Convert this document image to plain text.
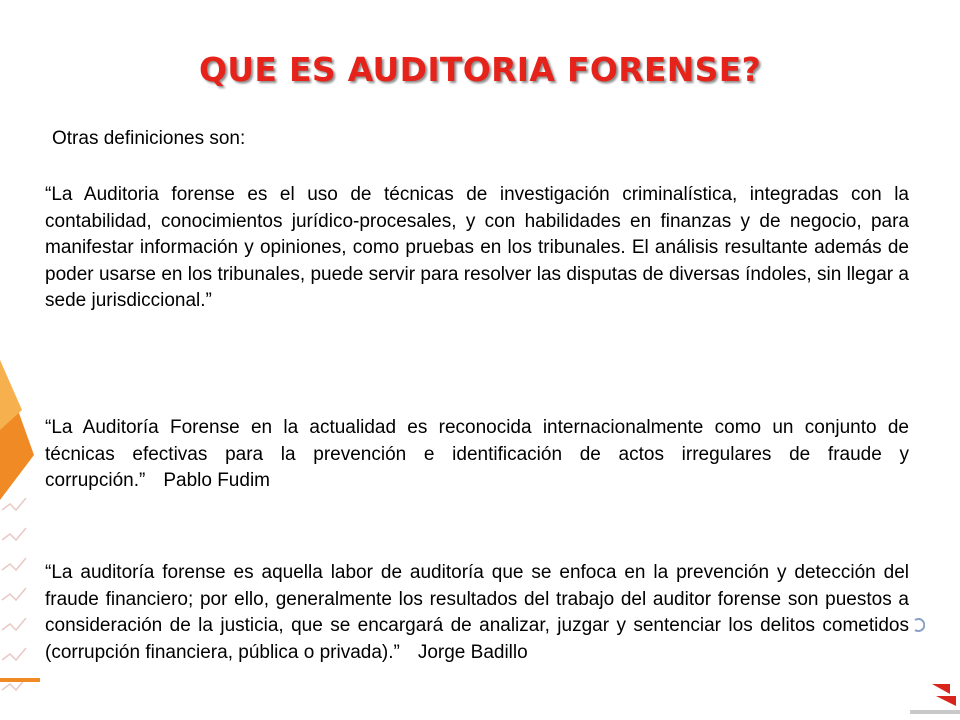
QUE ES AUDITORIA FORENSE?

Otras definiciones son:

“La Auditoria forense es el uso de técnicas de investigación criminalística, integradas con la contabilidad, conocimientos jurídico-procesales, y con habilidades en finanzas y de negocio, para manifestar información y opiniones, como pruebas en los tribunales. El análisis resultante además de poder usarse en los tribunales, puede servir para resolver las disputas de diversas índoles, sin llegar a sede jurisdiccional.”

“La Auditoría Forense en la actualidad es reconocida internacionalmente como un conjunto de técnicas efectivas para la prevención e identificación de actos irregulares de fraude y corrupción.” Pablo Fudim

“La auditoría forense es aquella labor de auditoría que se enfoca en la prevención y detección del fraude financiero; por ello, generalmente los resultados del trabajo del auditor forense son puestos a consideración de la justicia, que se encargará de analizar, juzgar y sentenciar los delitos cometidos (corrupción financiera, pública o privada).” Jorge Badillo
